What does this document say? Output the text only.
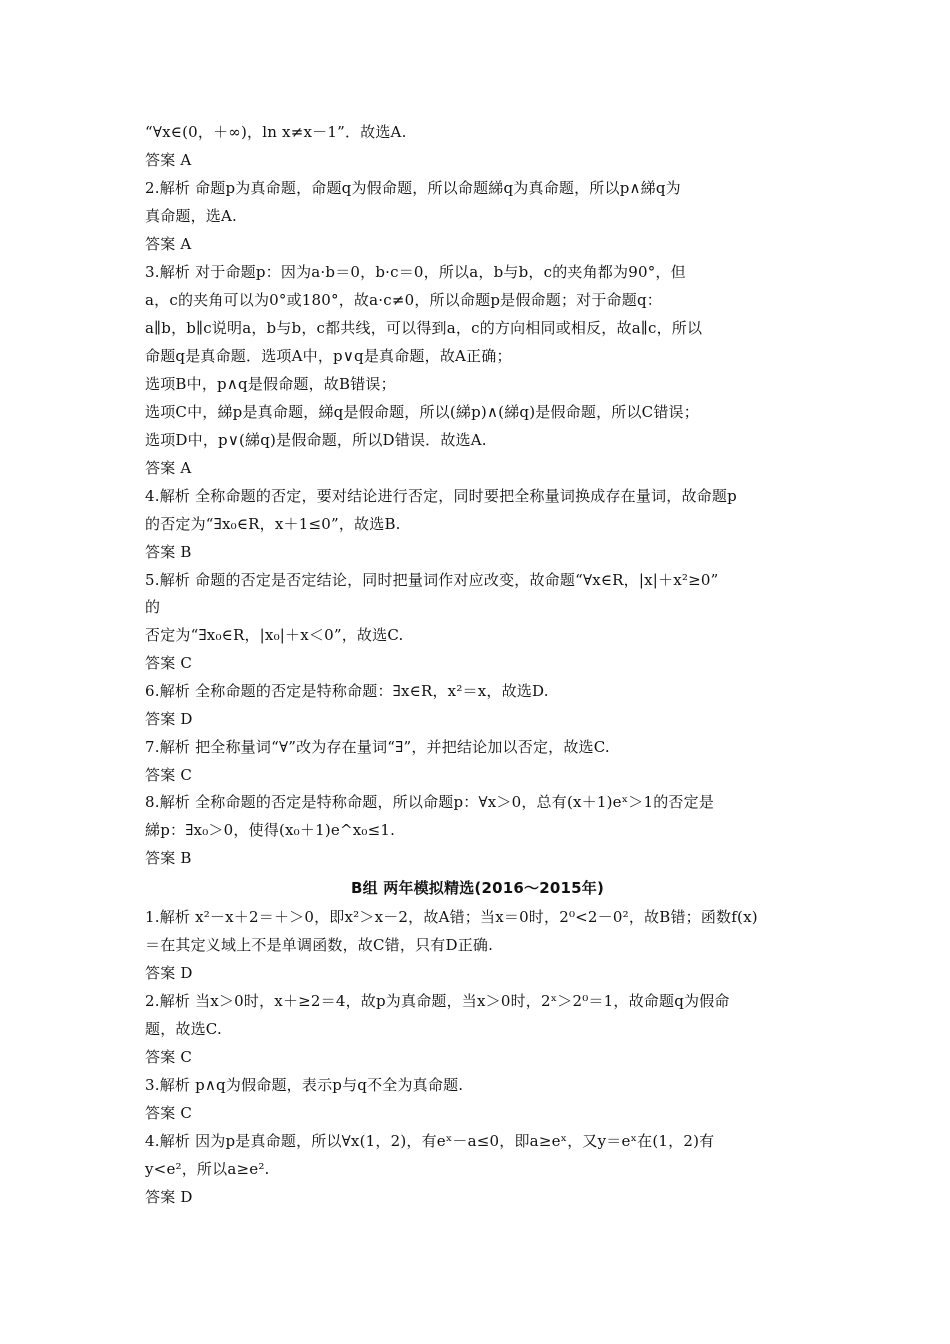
“∀x∈(0，＋∞)，ln x≠x－1”．故选A.
答案 A
2.解析 命题p为真命题，命题q为假命题，所以命题綈q为真命题，所以p∧綈q为
真命题，选A.
答案 A
3.解析 对于命题p：因为a·b＝0，b·c＝0，所以a，b与b，c的夹角都为90°，但
a，c的夹角可以为0°或180°，故a·c≠0，所以命题p是假命题；对于命题q：
a∥b，b∥c说明a，b与b，c都共线，可以得到a，c的方向相同或相反，故a∥c，所以
命题q是真命题．选项A中，p∨q是真命题，故A正确；
选项B中，p∧q是假命题，故B错误；
选项C中，綈p是真命题，綈q是假命题，所以(綈p)∧(綈q)是假命题，所以C错误；
选项D中，p∨(綈q)是假命题，所以D错误．故选A.
答案 A
4.解析 全称命题的否定，要对结论进行否定，同时要把全称量词换成存在量词，故命题p
的否定为“∃x₀∈R，x＋1≤0”，故选B.
答案 B
5.解析 命题的否定是否定结论，同时把量词作对应改变，故命题“∀x∈R，|x|＋x²≥0”
的
否定为“∃x₀∈R，|x₀|＋x＜0”，故选C.
答案 C
6.解析 全称命题的否定是特称命题：∃x∈R，x²＝x，故选D.
答案 D
7.解析 把全称量词“∀”改为存在量词“∃”，并把结论加以否定，故选C.
答案 C
8.解析 全称命题的否定是特称命题，所以命题p：∀x＞0，总有(x＋1)eˣ＞1的否定是
綈p：∃x₀＞0，使得(x₀＋1)e^x₀≤1.
答案 B
B组 两年模拟精选(2016～2015年)
1.解析 x²－x＋2＝＋＞0，即x²＞x－2，故A错；当x＝0时，2⁰<2－0²，故B错；函数f(x)
＝在其定义域上不是单调函数，故C错，只有D正确.
答案 D
2.解析 当x＞0时，x＋≥2＝4，故p为真命题，当x＞0时，2ˣ＞2⁰＝1，故命题q为假命
题，故选C.
答案 C
3.解析 p∧q为假命题，表示p与q不全为真命题.
答案 C
4.解析 因为p是真命题，所以∀x(1，2)，有eˣ－a≤0，即a≥eˣ，又y＝eˣ在(1，2)有
y<e²，所以a≥e².
答案 D
